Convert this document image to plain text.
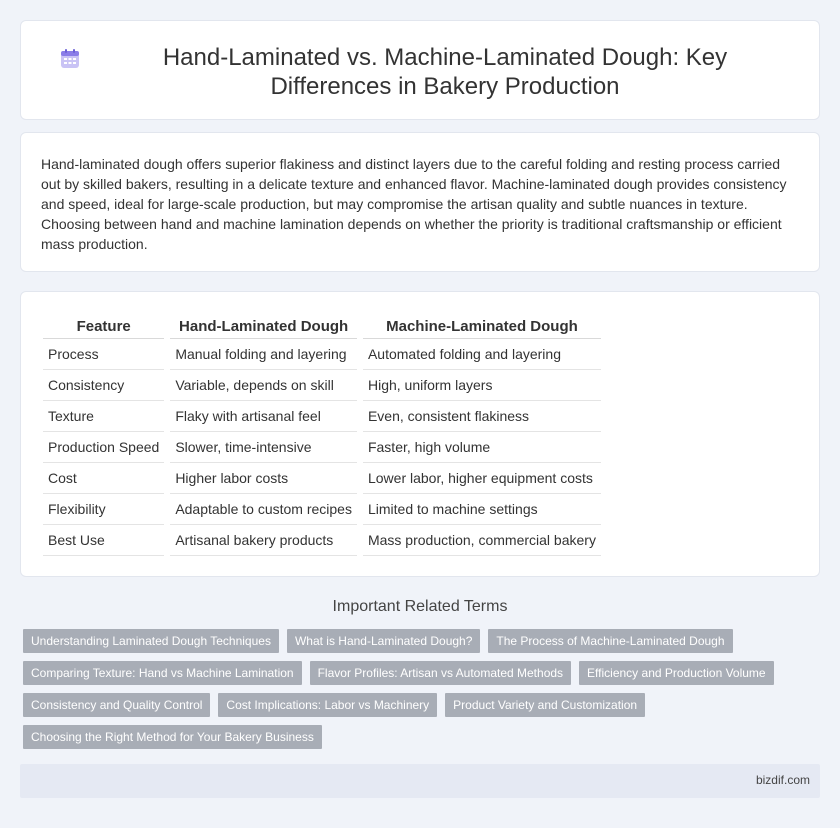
Hand-Laminated vs. Machine-Laminated Dough: Key Differences in Bakery Production

Hand-laminated dough offers superior flakiness and distinct layers due to the careful folding and resting process carried out by skilled bakers, resulting in a delicate texture and enhanced flavor. Machine-laminated dough provides consistency and speed, ideal for large-scale production, but may compromise the artisan quality and subtle nuances in texture. Choosing between hand and machine lamination depends on whether the priority is traditional craftsmanship or efficient mass production.

Feature		Hand-Laminated Dough		Machine-Laminated Dough
Process		Manual folding and layering		Automated folding and layering
Consistency		Variable, depends on skill		High, uniform layers
Texture		Flaky with artisanal feel		Even, consistent flakiness
Production Speed		Slower, time-intensive		Faster, high volume
Cost		Higher labor costs		Lower labor, higher equipment costs
Flexibility		Adaptable to custom recipes		Limited to machine settings
Best Use		Artisanal bakery products		Mass production, commercial bakery
Important Related Terms
Understanding Laminated Dough Techniques	What is Hand-Laminated Dough?	The Process of Machine-Laminated Dough
Comparing Texture: Hand vs Machine Lamination	Flavor Profiles: Artisan vs Automated Methods	Efficiency and Production Volume
Consistency and Quality Control	Cost Implications: Labor vs Machinery	Product Variety and Customization
Choosing the Right Method for Your Bakery Business
bizdif.com
